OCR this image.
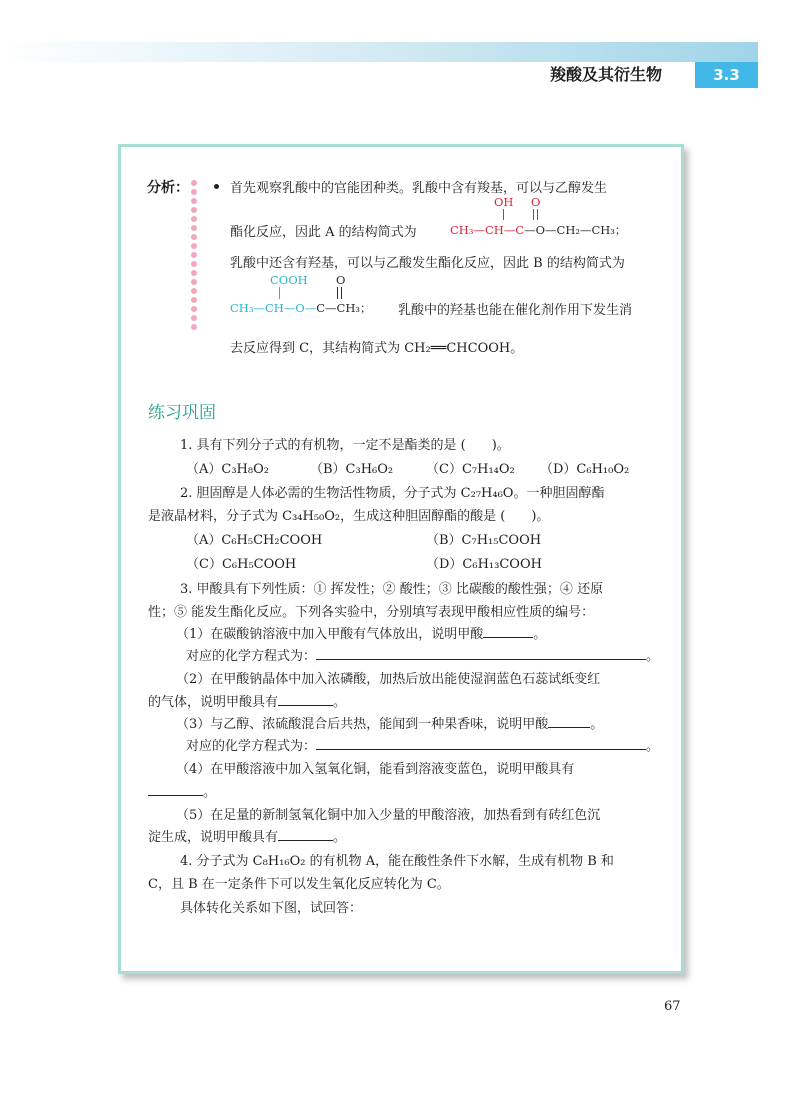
羧酸及其衍生物	3.3
分析：	首先观察乳酸中的官能团种类。乳酸中含有羧基，可以与乙醇发生
酯化反应，因此 A 的结构简式为
OH O
CH₃—CH—C—O—CH₂—CH₃；
乳酸中还含有羟基，可以与乙酸发生酯化反应，因此 B 的结构简式为
COOH O
CH₃—CH—O—C—CH₃； 乳酸中的羟基也能在催化剂作用下发生消
去反应得到 C，其结构简式为 CH₂══CHCOOH。
练习巩固
1. 具有下列分子式的有机物，一定不是酯类的是 (　　)。
（A）C₃H₈O₂	（B）C₃H₆O₂	（C）C₇H₁₄O₂ （D）C₆H₁₀O₂
2. 胆固醇是人体必需的生物活性物质，分子式为 C₂₇H₄₆O。一种胆固醇酯
是液晶材料，分子式为 C₃₄H₅₀O₂，生成这种胆固醇酯的酸是 (　　)。
（A）C₆H₅CH₂COOH	（B）C₇H₁₅COOH
（C）C₆H₅COOH	（D）C₆H₁₃COOH
3. 甲酸具有下列性质：① 挥发性；② 酸性；③ 比碳酸的酸性强；④ 还原
性；⑤ 能发生酯化反应。下列各实验中，分别填写表现甲酸相应性质的编号：
（1）在碳酸钠溶液中加入甲酸有气体放出，说明甲酸	。
对应的化学方程式为：	。
（2）在甲酸钠晶体中加入浓磷酸，加热后放出能使湿润蓝色石蕊试纸变红
的气体，说明甲酸具有	。
（3）与乙醇、浓硫酸混合后共热，能闻到一种果香味，说明甲酸	。
对应的化学方程式为：	。
（4）在甲酸溶液中加入氢氧化铜，能看到溶液变蓝色，说明甲酸具有
。
（5）在足量的新制氢氧化铜中加入少量的甲酸溶液，加热看到有砖红色沉
淀生成，说明甲酸具有	。
4. 分子式为 C₈H₁₆O₂ 的有机物 A，能在酸性条件下水解，生成有机物 B 和
C，且 B 在一定条件下可以发生氧化反应转化为 C。
具体转化关系如下图，试回答：
67
